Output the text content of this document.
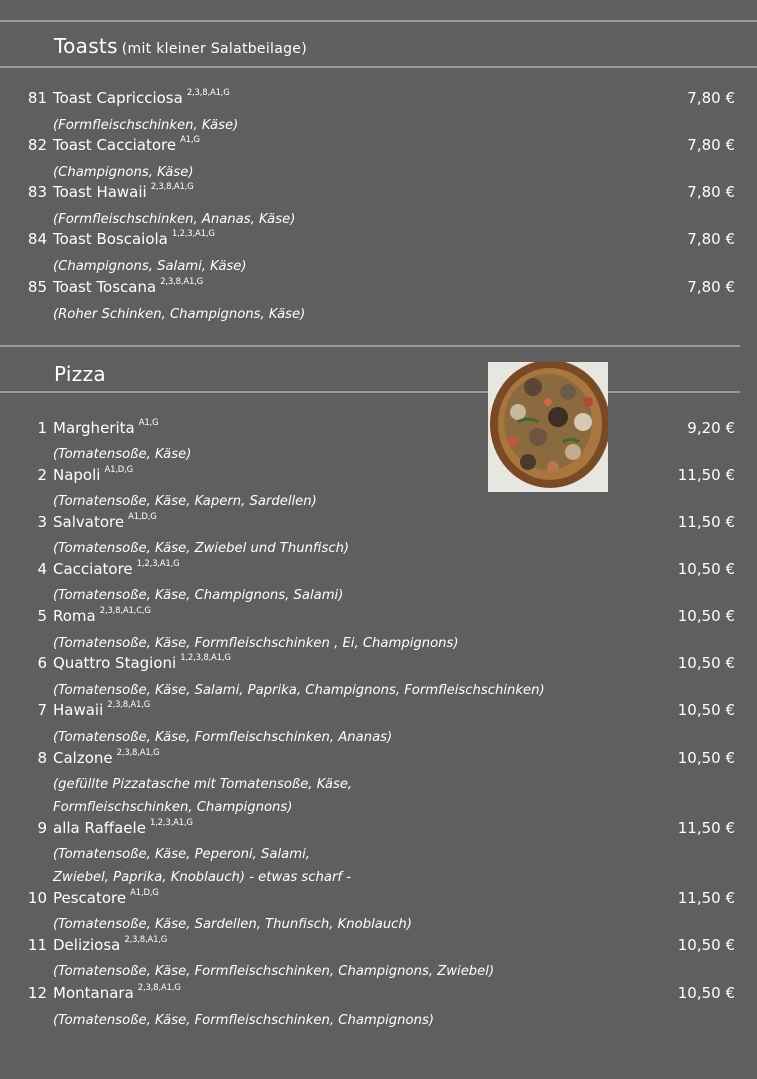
Toasts (mit kleiner Salatbeilage)
81 Toast Capricciosa $^{2,3,8,A1,G}$	7,80 €
(Formfleischschinken, Käse)
82 Toast Cacciatore $^{A1,G}$	7,80 €
(Champignons, Käse)
83 Toast Hawaii $^{2,3,8,A1,G}$	7,80 €
(Formfleischschinken, Ananas, Käse)
84 Toast Boscaiola $^{1,2,3,A1,G}$	7,80 €
(Champignons, Salami, Käse)
85 Toast Toscana $^{2,3,8,A1,G}$	7,80 €
(Roher Schinken, Champignons, Käse)
Pizza
1 Margherita $^{A1,G}$	9,20 €
(Tomatensoße, Käse)
2 Napoli $^{A1,D,G}$	11,50 €
(Tomatensoße, Käse, Kapern, Sardellen)
3 Salvatore $^{A1,D,G}$	11,50 €
(Tomatensoße, Käse, Zwiebel und Thunfisch)
4 Cacciatore $^{1,2,3,A1,G}$	10,50 €
(Tomatensoße, Käse, Champignons, Salami)
5 Roma $^{2,3,8,A1,C,G}$	10,50 €
(Tomatensoße, Käse, Formfleischschinken , Ei, Champignons)
6 Quattro Stagioni $^{1,2,3,8,A1,G}$	10,50 €
(Tomatensoße, Käse, Salami, Paprika, Champignons, Formfleischschinken)
7 Hawaii $^{2,3,8,A1,G}$	10,50 €
(Tomatensoße, Käse, Formfleischschinken, Ananas)
8 Calzone $^{2,3,8,A1,G}$	10,50 €
(gefüllte Pizzatasche mit Tomatensoße, Käse,
Formfleischschinken, Champignons)
9 alla Raffaele $^{1,2,3,A1,G}$	11,50 €
(Tomatensoße, Käse, Peperoni, Salami,
Zwiebel, Paprika, Knoblauch) - etwas scharf -
10 Pescatore $^{A1,D,G}$	11,50 €
(Tomatensoße, Käse, Sardellen, Thunfisch, Knoblauch)
11 Deliziosa $^{2,3,8,A1,G}$	10,50 €
(Tomatensoße, Käse, Formfleischschinken, Champignons, Zwiebel)
12 Montanara $^{2,3,8,A1,G}$	10,50 €
(Tomatensoße, Käse, Formfleischschinken, Champignons)
